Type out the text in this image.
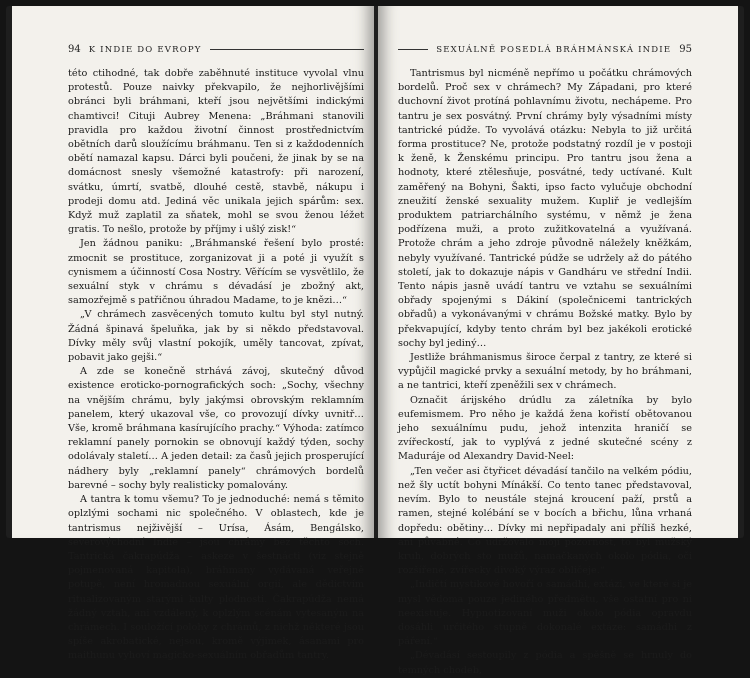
94 K INDIE DO EVROPY

této ctihodné, tak dobře zaběhnuté instituce vyvolal vlnu protestů. Pouze naivky překvapilo, že nejhorlivějšími obránci byli bráhmani, kteří jsou největšími indickými chamtivci! Cituji Aubrey Menena: „Bráhmani stanovili pravidla pro každou životní činnost prostřednictvím obětních darů sloužícímu bráhmanu. Ten si z každodenních obětí namazal kapsu. Dárci byli poučeni, že jinak by se na domácnost snesly všemožné katastrofy: při narození, svátku, úmrtí, svatbě, dlouhé cestě, stavbě, nákupu i prodeji domu atd. Jediná věc unikala jejich spárům: sex. Když muž zaplatil za sňatek, mohl se svou ženou léžet gratis. To nešlo, protože by příjmy i ušlý zisk!“

Jen žádnou paniku: „Bráhmanské řešení bylo prosté: zmocnit se prostituce, zorganizovat ji a poté ji využít s cynismem a účinností Cosa Nostry. Věřícím se vysvětlilo, že sexuální styk v chrámu s dévadásí je zbožný akt, samozřejmě s patřičnou úhradou Madame, to je knězi…“

„V chrámech zasvěcených tomuto kultu byl styl nutný. Žádná špinavá špeluňka, jak by si někdo představoval. Dívky měly svůj vlastní pokojík, uměly tancovat, zpívat, pobavit jako gejši.“

A zde se konečně strhává závoj, skutečný důvod existence eroticko-pornografických soch: „Sochy, všechny na vnějším chrámu, byly jakýmsi obrovským reklamním panelem, který ukazoval vše, co provozují dívky uvnitř… Vše, kromě bráhmana kasírujícího prachy.“ Výhoda: zatímco reklamní panely pornokin se obnovují každý týden, sochy odolávaly staletí… A jeden detail: za časů jejich prosperující nádhery byly „reklamní panely“ chrámových bordelů barevné – sochy byly realisticky pomalovány.

A tantra k tomu všemu? To je jednoduché: nemá s těmito oplzlými sochami nic společného. V oblastech, kde je tantrismus nejživější – Urísa, Ásám, Bengálsko, severovýchodní Indie – jsou chrámy bez těchto soch. Tantrická čakrapúdža – askeze v šestnácti (viz stejně pojmenovaná kapitola), bráhmany vydávaná veřejně potupě, není hromadnou sexuální orgií, ale dědictvím ritualizovaným starými kulty plodnosti. Čakrapúdža nemá žádný vztah, ani vzdálený, k oplzlým scénám vytesaným na chrámech. I souložící polohy z chrámů, z nichž některé jsou spíše akrobatické, nejsou, kromě výjimek, ásanami pro maithunu vyhoví magicko-sexuálním obřadům tantry.

SEXUÁLNĚ POSEDLÁ BRÁHMÁNSKÁ INDIE 95

Tantrismus byl nicméně nepřímo u počátku chrámových bordelů. Proč sex v chrámech? My Západani, pro které duchovní život protíná pohlavnímu životu, nechápeme. Pro tantru je sex posvátný. První chrámy byly výsadními místy tantrické púdže. To vyvolává otázku: Nebyla to již určitá forma prostituce? Ne, protože podstatný rozdíl je v postoji k ženě, k Ženskému principu. Pro tantru jsou žena a hodnoty, které ztělesňuje, posvátné, tedy uctívané. Kult zaměřený na Bohyni, Šakti, ipso facto vylučuje obchodní zneužití ženské sexuality mužem. Kupliř je vedlejším produktem patriarchálního systému, v němž je žena podřízena muži, a proto zužitkovatelná a využívaná. Protože chrám a jeho zdroje původně náležely kněžkám, nebyly využívané. Tantrické púdže se udržely až do pátého století, jak to dokazuje nápis v Gandháru ve střední Indii. Tento nápis jasně uvádí tantru ve vztahu se sexuálními obřady spojenými s Dákiní (společnicemi tantrických obřadů) a vykonávanými v chrámu Božské matky. Bylo by překvapující, kdyby tento chrám byl bez jakékoli erotické sochy byl jediný…

Jestliže bráhmanismus široce čerpal z tantry, ze které si vypůjčil magické prvky a sexuální metody, by ho bráhmani, a ne tantrici, kteří zpeněžili sex v chrámech.

Označit árijského drúdlu za záletníka by bylo eufemismem. Pro něho je každá žena kořistí obětovanou jeho sexuálnímu pudu, jehož intenzita hraničí se zvířeckostí, jak to vyplývá z jedné skutečné scény z Maduráje od Alexandry David-Neel:

„Ten večer asi čtyřicet dévadásí tančilo na velkém pódiu, než šly uctít bohyni Mínákší. Co tento tanec představoval, nevím. Bylo to neustále stejná kroucení paží, prstů a ramen, stejné kolébání se v bocích a břichu, lůna vrhaná dopředu: obětiny… Dívky mi nepřipadaly ani příliš hezké, ani půvabné. Co udržovalo moji pozornost, to byl mužský kruh, dobrých sto mužů, namačkaných okolo pódia, oči rozšířené, zvířecky divoký výraz obličeje.“

„Indičtí mystikové hovoří o samádhi, extázi, ve které si je mysl vědoma pouze jediného předmětu, vše ostatní pro ni neexistuje. Hypnotizovaní muži okolo pódia opravdu dosáhli určitého stupně dokonalé extáze: samádhi z páření.“

„Dévadásí sestoupily z pódia a spěšně se hrnuly do temných chodeb,
